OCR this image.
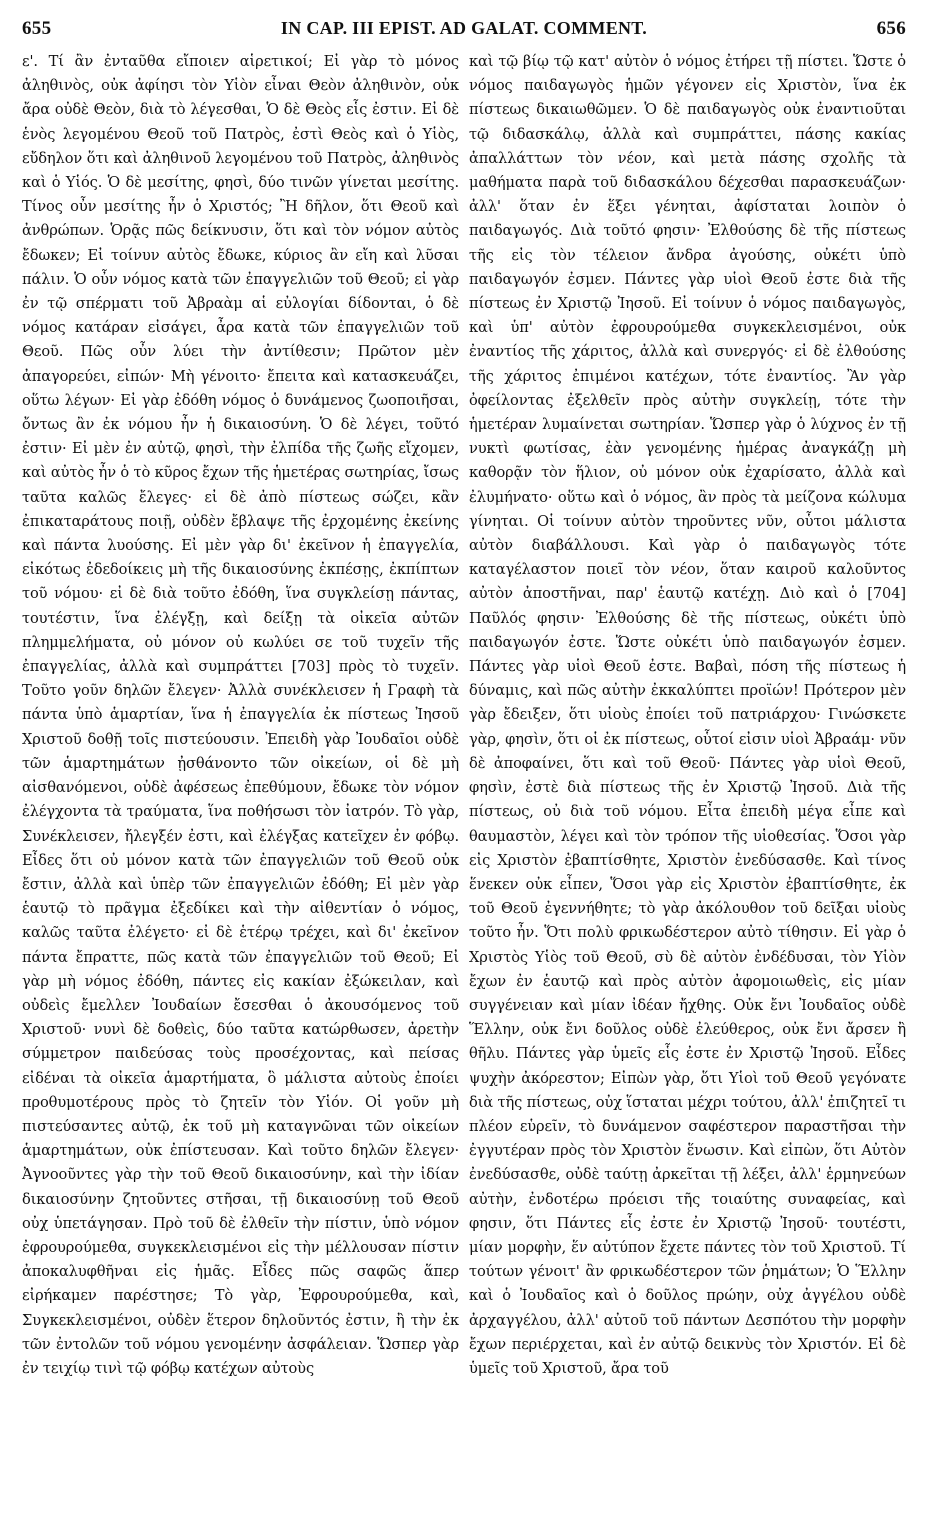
655	IN CAP. III EPIST. AD GALAT. COMMENT.	656

ε'. Τί ἂν ἐνταῦθα εἴποιεν αἱρετικοί; Εἰ γὰρ τὸ μόνος ἀληθινὸς, οὐκ ἀφίησι τὸν Υἱὸν εἶναι Θεὸν ἀληθινὸν, οὐκ ἄρα οὐδὲ Θεὸν, διὰ τὸ λέγεσθαι, Ὁ δὲ Θεὸς εἷς ἐστιν. Εἰ δὲ ἑνὸς λεγομένου Θεοῦ τοῦ Πατρὸς, ἐστὶ Θεὸς καὶ ὁ Υἱὸς, εὔδηλον ὅτι καὶ ἀληθινοῦ λεγομένου τοῦ Πατρὸς, ἀληθινὸς καὶ ὁ Υἱός. Ὁ δὲ μεσίτης, φησὶ, δύο τινῶν γίνεται μεσίτης. Τίνος οὖν μεσίτης ἦν ὁ Χριστός; Ἢ δῆλον, ὅτι Θεοῦ καὶ ἀνθρώπων. Ὁρᾷς πῶς δείκνυσιν, ὅτι καὶ τὸν νόμον αὐτὸς ἔδωκεν; Εἰ τοίνυν αὐτὸς ἔδωκε, κύριος ἂν εἴη καὶ λῦσαι πάλιν. Ὁ οὖν νόμος κατὰ τῶν ἐπαγγελιῶν τοῦ Θεοῦ; εἰ γὰρ ἐν τῷ σπέρματι τοῦ Ἀβραὰμ αἱ εὐλογίαι δίδονται, ὁ δὲ νόμος κατάραν εἰσάγει, ἆρα κατὰ τῶν ἐπαγγελιῶν τοῦ Θεοῦ. Πῶς οὖν λύει τὴν ἀντίθεσιν; Πρῶτον μὲν ἀπαγορεύει, εἰπών· Μὴ γένοιτο· ἔπειτα καὶ κατασκευάζει, οὕτω λέγων· Εἰ γὰρ ἐδόθη νόμος ὁ δυνάμενος ζωοποιῆσαι, ὄντως ἂν ἐκ νόμου ἦν ἡ δικαιοσύνη. Ὁ δὲ λέγει, τοῦτό ἐστιν· Εἰ μὲν ἐν αὐτῷ, φησὶ, τὴν ἐλπίδα τῆς ζωῆς εἴχομεν, καὶ αὐτὸς ἦν ὁ τὸ κῦρος ἔχων τῆς ἡμετέρας σωτηρίας, ἴσως ταῦτα καλῶς ἔλεγες· εἰ δὲ ἀπὸ πίστεως σώζει, κἂν ἐπικαταράτους ποιῇ, οὐδὲν ἔβλαψε τῆς ἐρχομένης ἐκείνης καὶ πάντα λυούσης. Εἰ μὲν γὰρ δι' ἐκεῖνον ἡ ἐπαγγελία, εἰκότως ἐδεδοίκεις μὴ τῆς δικαιοσύνης ἐκπέσῃς, ἐκπίπτων τοῦ νόμου· εἰ δὲ διὰ τοῦτο ἐδόθη, ἵνα συγκλείσῃ πάντας, τουτέστιν, ἵνα ἐλέγξῃ, καὶ δείξῃ τὰ οἰκεῖα αὐτῶν πλημμελήματα, οὐ μόνον οὐ κωλύει σε τοῦ τυχεῖν τῆς ἐπαγγελίας, ἀλλὰ καὶ συμπράττει [703] πρὸς τὸ τυχεῖν. Τοῦτο γοῦν δηλῶν ἔλεγεν· Ἀλλὰ συνέκλεισεν ἡ Γραφὴ τὰ πάντα ὑπὸ ἁμαρτίαν, ἵνα ἡ ἐπαγγελία ἐκ πίστεως Ἰησοῦ Χριστοῦ δοθῇ τοῖς πιστεύουσιν. Ἐπειδὴ γὰρ Ἰουδαῖοι οὐδὲ τῶν ἁμαρτημάτων ᾐσθάνοντο τῶν οἰκείων, οἱ δὲ μὴ αἰσθανόμενοι, οὐδὲ ἀφέσεως ἐπεθύμουν, ἔδωκε τὸν νόμον ἐλέγχοντα τὰ τραύματα, ἵνα ποθήσωσι τὸν ἰατρόν. Τὸ γὰρ, Συνέκλεισεν, ἤλεγξέν ἐστι, καὶ ἐλέγξας κατεῖχεν ἐν φόβῳ. Εἶδες ὅτι οὐ μόνον κατὰ τῶν ἐπαγγελιῶν τοῦ Θεοῦ οὐκ ἔστιν, ἀλλὰ καὶ ὑπὲρ τῶν ἐπαγγελιῶν ἐδόθη; Εἰ μὲν γὰρ ἑαυτῷ τὸ πρᾶγμα ἐξεδίκει καὶ τὴν αἰθεντίαν ὁ νόμος, καλῶς ταῦτα ἐλέγετο· εἰ δὲ ἑτέρῳ τρέχει, καὶ δι' ἐκεῖνον πάντα ἔπραττε, πῶς κατὰ τῶν ἐπαγγελιῶν τοῦ Θεοῦ; Εἰ γὰρ μὴ νόμος ἐδόθη, πάντες εἰς κακίαν ἐξώκειλαν, καὶ οὐδεὶς ἔμελλεν Ἰουδαίων ἔσεσθαι ὁ ἀκουσόμενος τοῦ Χριστοῦ· νυνὶ δὲ δοθεὶς, δύο ταῦτα κατώρθωσεν, ἀρετὴν σύμμετρον παιδεύσας τοὺς προσέχοντας, καὶ πείσας εἰδέναι τὰ οἰκεῖα ἁμαρτήματα, ὃ μάλιστα αὐτοὺς ἐποίει προθυμοτέρους πρὸς τὸ ζητεῖν τὸν Υἱόν. Οἱ γοῦν μὴ πιστεύσαντες αὐτῷ, ἐκ τοῦ μὴ καταγνῶναι τῶν οἰκείων ἁμαρτημάτων, οὐκ ἐπίστευσαν. Καὶ τοῦτο δηλῶν ἔλεγεν· Ἀγνοοῦντες γὰρ τὴν τοῦ Θεοῦ δικαιοσύνην, καὶ τὴν ἰδίαν δικαιοσύνην ζητοῦντες στῆσαι, τῇ δικαιοσύνῃ τοῦ Θεοῦ οὐχ ὑπετάγησαν. Πρὸ τοῦ δὲ ἐλθεῖν τὴν πίστιν, ὑπὸ νόμον ἐφρουρούμεθα, συγκεκλεισμένοι εἰς τὴν μέλλουσαν πίστιν ἀποκαλυφθῆναι εἰς ἡμᾶς. Εἶδες πῶς σαφῶς ἅπερ εἰρήκαμεν παρέστησε; Τὸ γὰρ, Ἐφρουρούμεθα, καὶ, Συγκεκλεισμένοι, οὐδὲν ἕτερον δηλοῦντός ἐστιν, ἢ τὴν ἐκ τῶν ἐντολῶν τοῦ νόμου γενομένην ἀσφάλειαν. Ὥσπερ γὰρ ἐν τειχίῳ τινὶ τῷ φόβῳ κατέχων αὐτοὺς

καὶ τῷ βίῳ τῷ κατ' αὐτὸν ὁ νόμος ἐτήρει τῇ πίστει. Ὥστε ὁ νόμος παιδαγωγὸς ἡμῶν γέγονεν εἰς Χριστὸν, ἵνα ἐκ πίστεως δικαιωθῶμεν. Ὁ δὲ παιδαγωγὸς οὐκ ἐναντιοῦται τῷ διδασκάλῳ, ἀλλὰ καὶ συμπράττει, πάσης κακίας ἀπαλλάττων τὸν νέον, καὶ μετὰ πάσης σχολῆς τὰ μαθήματα παρὰ τοῦ διδασκάλου δέχεσθαι παρασκευάζων· ἀλλ' ὅταν ἐν ἕξει γένηται, ἀφίσταται λοιπὸν ὁ παιδαγωγός. Διὰ τοῦτό φησιν· Ἐλθούσης δὲ τῆς πίστεως τῆς εἰς τὸν τέλειον ἄνδρα ἀγούσης, οὐκέτι ὑπὸ παιδαγωγόν ἐσμεν. Πάντες γὰρ υἱοὶ Θεοῦ ἐστε διὰ τῆς πίστεως ἐν Χριστῷ Ἰησοῦ. Εἰ τοίνυν ὁ νόμος παιδαγωγὸς, καὶ ὑπ' αὐτὸν ἐφρουρούμεθα συγκεκλεισμένοι, οὐκ ἐναντίος τῆς χάριτος, ἀλλὰ καὶ συνεργός· εἰ δὲ ἐλθούσης τῆς χάριτος ἐπιμένοι κατέχων, τότε ἐναντίος. Ἂν γὰρ ὀφείλοντας ἐξελθεῖν πρὸς αὐτὴν συγκλείῃ, τότε τὴν ἡμετέραν λυμαίνεται σωτηρίαν. Ὥσπερ γὰρ ὁ λύχνος ἐν τῇ νυκτὶ φωτίσας, ἐὰν γενομένης ἡμέρας ἀναγκάζῃ μὴ καθορᾷν τὸν ἥλιον, οὐ μόνον οὐκ ἐχαρίσατο, ἀλλὰ καὶ ἐλυμήνατο· οὕτω καὶ ὁ νόμος, ἂν πρὸς τὰ μείζονα κώλυμα γίνηται. Οἱ τοίνυν αὐτὸν τηροῦντες νῦν, οὗτοι μάλιστα αὐτὸν διαβάλλουσι. Καὶ γὰρ ὁ παιδαγωγὸς τότε καταγέλαστον ποιεῖ τὸν νέον, ὅταν καιροῦ καλοῦντος αὐτὸν ἀποστῆναι, παρ' ἑαυτῷ κατέχῃ. Διὸ καὶ ὁ [704] Παῦλός φησιν· Ἐλθούσης δὲ τῆς πίστεως, οὐκέτι ὑπὸ παιδαγωγόν ἐστε. Ὥστε οὐκέτι ὑπὸ παιδαγωγόν ἐσμεν. Πάντες γὰρ υἱοὶ Θεοῦ ἐστε. Βαβαὶ, πόση τῆς πίστεως ἡ δύναμις, καὶ πῶς αὐτὴν ἐκκαλύπτει προϊών! Πρότερον μὲν γὰρ ἔδειξεν, ὅτι υἱοὺς ἐποίει τοῦ πατριάρχου· Γινώσκετε γὰρ, φησὶν, ὅτι οἱ ἐκ πίστεως, οὗτοί εἰσιν υἱοὶ Ἀβραάμ· νῦν δὲ ἀποφαίνει, ὅτι καὶ τοῦ Θεοῦ· Πάντες γὰρ υἱοὶ Θεοῦ, φησὶν, ἐστὲ διὰ πίστεως τῆς ἐν Χριστῷ Ἰησοῦ. Διὰ τῆς πίστεως, οὐ διὰ τοῦ νόμου. Εἶτα ἐπειδὴ μέγα εἶπε καὶ θαυμαστὸν, λέγει καὶ τὸν τρόπον τῆς υἱοθεσίας. Ὅσοι γὰρ εἰς Χριστὸν ἐβαπτίσθητε, Χριστὸν ἐνεδύσασθε. Καὶ τίνος ἕνεκεν οὐκ εἶπεν, Ὅσοι γὰρ εἰς Χριστὸν ἐβαπτίσθητε, ἐκ τοῦ Θεοῦ ἐγεννήθητε; τὸ γὰρ ἀκόλουθον τοῦ δεῖξαι υἱοὺς τοῦτο ἦν. Ὅτι πολὺ φρικωδέστερον αὐτὸ τίθησιν. Εἰ γὰρ ὁ Χριστὸς Υἱὸς τοῦ Θεοῦ, σὺ δὲ αὐτὸν ἐνδέδυσαι, τὸν Υἱὸν ἔχων ἐν ἑαυτῷ καὶ πρὸς αὐτὸν ἀφομοιωθεὶς, εἰς μίαν συγγένειαν καὶ μίαν ἰδέαν ἤχθης. Οὐκ ἔνι Ἰουδαῖος οὐδὲ Ἕλλην, οὐκ ἔνι δοῦλος οὐδὲ ἐλεύθερος, οὐκ ἔνι ἄρσεν ἢ θῆλυ. Πάντες γὰρ ὑμεῖς εἷς ἐστε ἐν Χριστῷ Ἰησοῦ. Εἶδες ψυχὴν ἀκόρεστον; Εἰπὼν γὰρ, ὅτι Υἱοὶ τοῦ Θεοῦ γεγόνατε διὰ τῆς πίστεως, οὐχ ἵσταται μέχρι τούτου, ἀλλ' ἐπιζητεῖ τι πλέον εὑρεῖν, τὸ δυνάμενον σαφέστερον παραστῆσαι τὴν ἐγγυτέραν πρὸς τὸν Χριστὸν ἕνωσιν. Καὶ εἰπὼν, ὅτι Αὐτὸν ἐνεδύσασθε, οὐδὲ ταύτῃ ἀρκεῖται τῇ λέξει, ἀλλ' ἑρμηνεύων αὐτὴν, ἐνδοτέρω πρόεισι τῆς τοιαύτης συναφείας, καὶ φησιν, ὅτι Πάντες εἷς ἐστε ἐν Χριστῷ Ἰησοῦ· τουτέστι, μίαν μορφὴν, ἕν αὐτύπον ἔχετε πάντες τὸν τοῦ Χριστοῦ. Τί τούτων γένοιτ' ἂν φρικωδέστερον τῶν ῥημάτων; Ὁ Ἕλλην καὶ ὁ Ἰουδαῖος καὶ ὁ δοῦλος πρώην, οὐχ ἀγγέλου οὐδὲ ἀρχαγγέλου, ἀλλ' αὐτοῦ τοῦ πάντων Δεσπότου τὴν μορφὴν ἔχων περιέρχεται, καὶ ἐν αὐτῷ δεικνὺς τὸν Χριστόν. Εἰ δὲ ὑμεῖς τοῦ Χριστοῦ, ἄρα τοῦ
